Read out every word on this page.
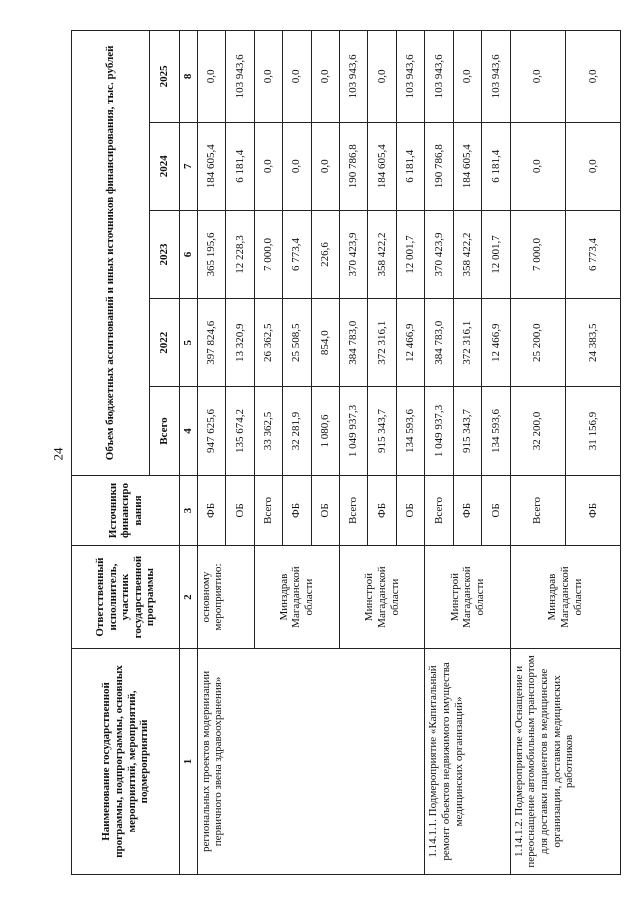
24
Наименование государственной программы, подпрограммы, основных мероприятий, мероприятий, подмероприятий	Ответственный исполнитель, участник государственной программы	Источники финансиро вания	Объем бюджетных ассигнований и иных источников финансирования, тыс. рублей				
			Всего	2022	2023	2024	2025
1	2	3	4	5	6	7	8
региональных проектов модернизации первичного звена здравоохранения»	основному мероприятию:	ФБ	947 625,6	397 824,6	365 195,6	184 605,4	0,0
		ОБ	135 674,2	13 320,9	12 228,3	6 181,4	103 943,6
	Минздрав Магаданской области	Всего	33 362,5	26 362,5	7 000,0	0,0	0,0
		ФБ	32 281,9	25 508,5	6 773,4	0,0	0,0
		ОБ	1 080,6	854,0	226,6	0,0	0,0
	Минстрой Магаданской области	Всего	1 049 937,3	384 783,0	370 423,9	190 786,8	103 943,6
		ФБ	915 343,7	372 316,1	358 422,2	184 605,4	0,0
		ОБ	134 593,6	12 466,9	12 001,7	6 181,4	103 943,6
1.14.1.1. Подмероприятие «Капитальный ремонт объектов недвижимого имущества медицинских организаций»	Минстрой Магаданской области	Всего	1 049 937,3	384 783,0	370 423,9	190 786,8	103 943,6
		ФБ	915 343,7	372 316,1	358 422,2	184 605,4	0,0
		ОБ	134 593,6	12 466,9	12 001,7	6 181,4	103 943,6
1.14.1.2. Подмероприятие «Оснащение и переоснащение автомобильным транспортом для доставки пациентов в медицинские организации, доставки медицинских работников	Минздрав Магаданской области	Всего	32 200,0	25 200,0	7 000,0	0,0	0,0
		ФБ	31 156,9	24 383,5	6 773,4	0,0	0,0
